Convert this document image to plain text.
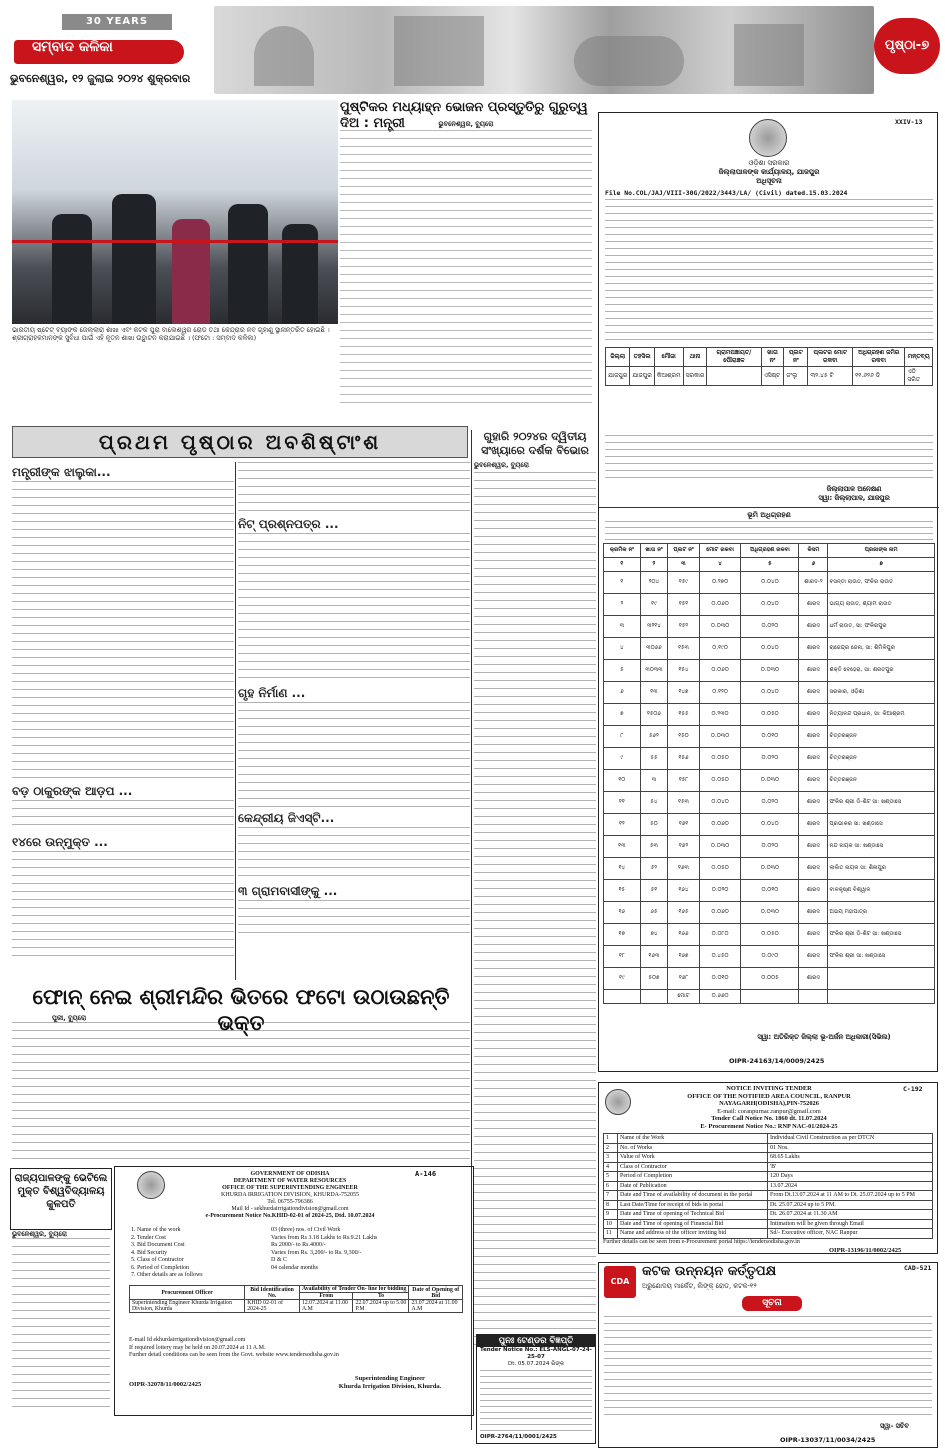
30 YEARS
ସମ୍ବାଦ କଳିକା
ଭୁବନେଶ୍ୱର, ୧୨ ଜୁଲାଇ ୨୦୨୪ ଶୁକ୍ରବାର
ପୃଷ୍ଠା-୭
ପୁଷ୍ଟିକର ମଧ୍ୟାହ୍ନ ଭୋଜନ ପ୍ରସ୍ତୁତିରୁ ଗୁରୁତ୍ୱ ଦିଅ : ମନ୍ତ୍ରୀ	ଭୁବନେଶ୍ୱର, ବ୍ୟୁରୋ
ଭାରତୀୟ ଷ୍ଟେଟ୍ ବ୍ୟାଙ୍କ ଜେଲ୍ଲାରା ଶାଖା ଏବଂ କଟକ ପୁରା ବାଲେଶ୍ୱର ରୋଡ ତଥା କେନ୍ଦ୍ରାର ନବ ଗୃହାଣୁ ସ୍ଥାନାନ୍ତରିତ ହୋଇଛି । ଶ୍ରୀଗ୍ରାହକମାନଙ୍କ ସୁବିଧା ପାଇଁ ଏହି ନୂତନ ଶାଖା ଉଦ୍ଘାଟନ କରାଯାଇଛି । (ଫଟୋ : ସମ୍ବାଦ କଳିକା)
ପ୍ରଥମ ପୃଷ୍ଠାର ଅବଶିଷ୍ଟାଂଶ
ମନ୍ତ୍ରୀଙ୍କ ଝାଲୁକା...
ବଡ଼ ଠାକୁରଙ୍କ ଆଡ଼ପ ...
୧୪ରେ ଉନ୍ମୁକ୍ତ ...
ନିଟ୍ ପ୍ରଶ୍ନପତ୍ର ...
ଗୃହ ନିର୍ମାଣ ...
କେନ୍ଦ୍ରୀୟ ଜିଏସ୍‌ଟି...
୩ ଗ୍ରାମବାସୀଙ୍କୁ ...
ଗୁହାରି ୨୦୨୪ର ଦ୍ୱିତୀୟ ସଂଖ୍ୟାରେ ଦର୍ଶକ ବିଭୋର
ଭୁବନେଶ୍ୱର, ବ୍ୟୁରୋ
ଫୋନ୍ ନେଇ ଶ୍ରୀମନ୍ଦିର ଭିତରେ ଫଟୋ ଉଠାଉଛନ୍ତି ଭକ୍ତ
ପୁରୀ, ବ୍ୟୁରୋ
ରାଜ୍ୟପାଳଙ୍କୁ ଭେଟିଲେ ମୁକ୍ତ ବିଶ୍ୱବିଦ୍ୟାଳୟ କୁଳପତି
ଭୁବନେଶ୍ୱର, ବ୍ୟୁରୋ
A-146
GOVERNMENT OF ODISHA
DEPARTMENT OF WATER RESOURCES
OFFICE OF THE SUPERINTENDING ENGINEER
KHURDA IRRIGATION DIVISION, KHURDA-752055
Tel. 06755-796386
Mail Id - sekhurdairrigationdivision@gmail.com
e-Procurement Notice No.KHID-02-01 of 2024-25, Dtd. 10.07.2024
1. Name of the work	03 (three) nos. of Civil Work
2. Tender Cost	Varies from Rs 3.18 Lakhs to Rs.9.21 Lakhs
3. Bid Document Cost	Rs 2000/- to Rs.4000/-
4. Bid Security	Varies from Rs. 3,200/- to Rs. 9,300/-
5. Class of Contractor	D & C
6. Period of Completion	04 calendar months
7. Other details are as follows
Procurement Officer	Bid Identification No.	Availability of Tender On- line for bidding		Date of Opening of Bid
		From	To	
Superintending Engineer Khurda Irrigation Division, Khurda	KHID 02-01 of 2024-25	12.07.2024 at 11.00 A.M	22.07.2024 up to 5.00 P.M	23.07.2024 at 11.00 A.M
E-mail Id ekhurdairrigationdivision@gmail.com
If required lottery may be held on 20.07.2024 at 11 A.M.
Further detail conditions can be seen from the Govt. website www.tendersodisha.gov.in
OIPR-32078/11/0002/2425
Superintending Engineer
Khurda Irrigation Division, Khurda.
ପୁନଃ ଟେଣ୍ଡର ବିଜ୍ଞପ୍ତି
Tender Notice No.: ELS-ANGL-07-24-25-07
Dt. 05.07.2024 ରିଙ୍କ
OIPR-2764/11/0001/2425
XXIV-13
ଓଡ଼ିଶା ସରକାର
ଜିଲ୍ଲାପାଳଙ୍କ କାର୍ଯ୍ୟାଳୟ, ଯାଜପୁର
ଅଧିସୂଚନା
File No.COL/JAJ/VIII-30G/2022/3443/LA/ (Civil) dated.15.03.2024
ଜିଲ୍ଲା	ତହସିଲ	ମୌଜା	ଥାନା	ଗ୍ରାମପଞ୍ଚାୟତ/ପୌରାଞ୍ଚଳ	ଖାତା ନଂ	ପ୍ଲଟ ନଂ	ପ୍ଲଟର ମୋଟ ରକବା	ଅଧିଗ୍ରହଣ ଜମିର ରକବା	ମନ୍ତବ୍ୟ
ଯାଜପୁର	ଯାଜପୁର	କିଆଶ୍ରମ	ସରକାର		ଏସିଷ୍ଟ	ଜଂଲୁ	୩୨.୪୫ ଟି	୧୧.୬୨୬ ଡି	ଏଠି ସରିତ
ଜିଲ୍ଲାପାଳ ଅନେକ୍ଷଣ
ସ୍ୱା: ଜିଲ୍ଲାପାଳ, ଯାଜପୁର
ଭୂମି ଅଧିଗ୍ରହଣ
କ୍ରମିକ ନଂ	ଖାତା ନଂ	ପ୍ଲଟ ନଂ	ମୋଟ ରକବା	ଅଧିଗ୍ରହଣ ରକବା	କିସମ	ପ୍ରଜାଙ୍କ ନାମ
୧	୨	୩	୪	୫	୬	୭
୧	୨୦୪	୧୫୯	୦.୨୭୦	୦.୦୪୦	ଶାରଦ-୨	ବସନ୍ତୀ ରାଉତ, ଫକିର ରାଉତ
୨	୧୯	୧୫୧	୦.୦୬୦	୦.୦୪୦	ଶାରଦ	ଭାଗ୍ୟ ରାଉତ, ଶ୍ୟାମ ରାଉତ
୩	୩୨୧୪	୧୫୨	୦.୦୩୦	୦.୦୨୦	ଶାରଦ	ଧର୍ମ ରାଉତ, ସା: ଫକିରପୁର
୪	୩୦୬୬	୧୫୩	୦.୧୯୦	୦.୦୪୦	ଶାରଦ	ରାଜେନ୍ଦ୍ର ଜେନା, ସା: ଶିମିଳିପୁର
୫	୩୦୩୩	୧୫୪	୦.୦୬୦	୦.୦୩୦	ଶାରଦ	ଶକ୍ତି ବେହେରା, ସା: ଶରତପୁର
୬	୧୩	୧୪୭	୦.୧୨୦	୦.୦୪୦	ଶାରଦ	ସରକାର, ଓଡ଼ିଶା
୭	୧୫୦୬	୧୫୫	୦.୨୩୦	୦.୦୫୦	ଶାରଦ	ନିତ୍ୟାନନ୍ଦ ପ୍ରଧାନ, ସା: କିଆଶ୍ରମ
୮	୫୬୨	୧୫୦	୦.୦୩୦	୦.୦୧୦	ଶାରଦ	ଚିତ୍ତରଞ୍ଜନ
୯	୫୫	୧୫୬	୦.୦୫୦	୦.୦୨୦	ଶାରଦ	ଚିତ୍ତରଞ୍ଜନ
୧୦	୩	୧୫୮	୦.୦୫୦	୦.୦୩୦	ଶାରଦ	ଚିତ୍ତରଞ୍ଜନ
୧୧	୫୪	୧୫୩	୦.୦୪୦	୦.୦୨୦	ଶାରଦ	ଫକିର ଶ୍ରୀ ଡି-ଶିଟ ସା: ଖଣ୍ଡାସେ
୧୨	୫୦	୧୬୧	୦.୦୬୦	୦.୦୪୦	ଶାରଦ	ପ୍ରଭାକର ସା: ଖଣ୍ଡାସେ
୧୩	୫୩	୧୬୨	୦.୦୩୦	୦.୦୨୦	ଶାରଦ	ନନ୍ଦ ନାୟକ ସା: ଖଣ୍ଡାସେ
୧୪	୫୨	୧୬୩	୦.୦୫୦	୦.୦୩୦	ଶାରଦ	ଲାଲିତ ନାୟକ ସା: ଶିଳାପୁର
୧୫	୫୧	୧୬୪	୦.୦୨୦	୦.୦୧୦	ଶାରଦ	ବାଳକୃଷ୍ଣ ବିଶ୍ୱାଳ
୧୬	୬୫	୧୬୫	୦.୦୬୦	୦.୦୩୦	ଶାରଦ	ଅଭୟ ମହାପାତ୍ର
୧୭	୭୪	୧୬୬	୦.୦୮୦	୦.୦୫୦	ଶାରଦ	ଫକିର ଶ୍ରୀ ଡି-ଶିଟ ସା: ଖଣ୍ଡାସେ
୧୮	୧୬୩	୧୬୭	୦.୪୫୦	୦.୦୯୦	ଶାରଦ	ଫକିର ଶ୍ରୀ ସା: ଖଣ୍ଡାସେ
୧୯	୫୦୭	୧୬୮	୦.୦୧୦	୦.୦୦୫	ଶାରଦ	
		ମୋଟ	୦.୬୬୦			
ସ୍ୱା: ଅତିରିକ୍ତ ଜିଲ୍ଲା ଭୂ-ଅର୍ଜନ ଅଧିକାରୀ(ସିଭିଲ)
OIPR-24163/14/0009/2425
C-192
NOTICE INVITING TENDER
OFFICE OF THE NOTIFIED AREA COUNCIL, RANPUR
NAYAGARH(ODISHA),PIN-752026
E-mail: coranpurnac.ranpur@gmail.com
Tender Call Notice No. 1860 dt. 11.07.2024
E- Procurement Notice No.: RNP NAC-01/2024-25
1	Name of the Work	Individual Civil Construction as per DTCN
2	No. of Works	01 Nos.
3	Value of Work	68.65 Lakhs
4	Class of Contractor	'B'
5	Period of Completion	120 Days
6	Date of Publication	13.07.2024
7	Date and Time of availability of document in the portal	From Dt.13.07.2024 at 11 AM to Dt. 25.07.2024 up to 5 PM
8	Last Date/Time for receipt of bids in portal	Dt. 25.07.2024 up to 5 PM.
9	Date and Time of opening of Technical Bid	Dt. 26.07.2024 at 11.30 AM
10	Date and Time of opening of Financial Bid	Intimation will be given through Email
11	Name and address of the officer inviting bid	Sd/- Executive officer, NAC Ranpur
Further details can be seen from e-Procurement portal https://tendersodisha.gov.in
OIPR-13196/11/0002/2425
CDA
CAD-521
କଟକ ଉନ୍ନୟନ କର୍ତ୍ତୃପକ୍ଷ
ଅରୁଣୋଦୟ ମାର୍କେଟ, ଲିଙ୍କ୍ ରୋଡ, କଟକ-୧୨
ସୂଚନା
ସ୍ୱା- ସଚିବ
OIPR-13037/11/0034/2425
